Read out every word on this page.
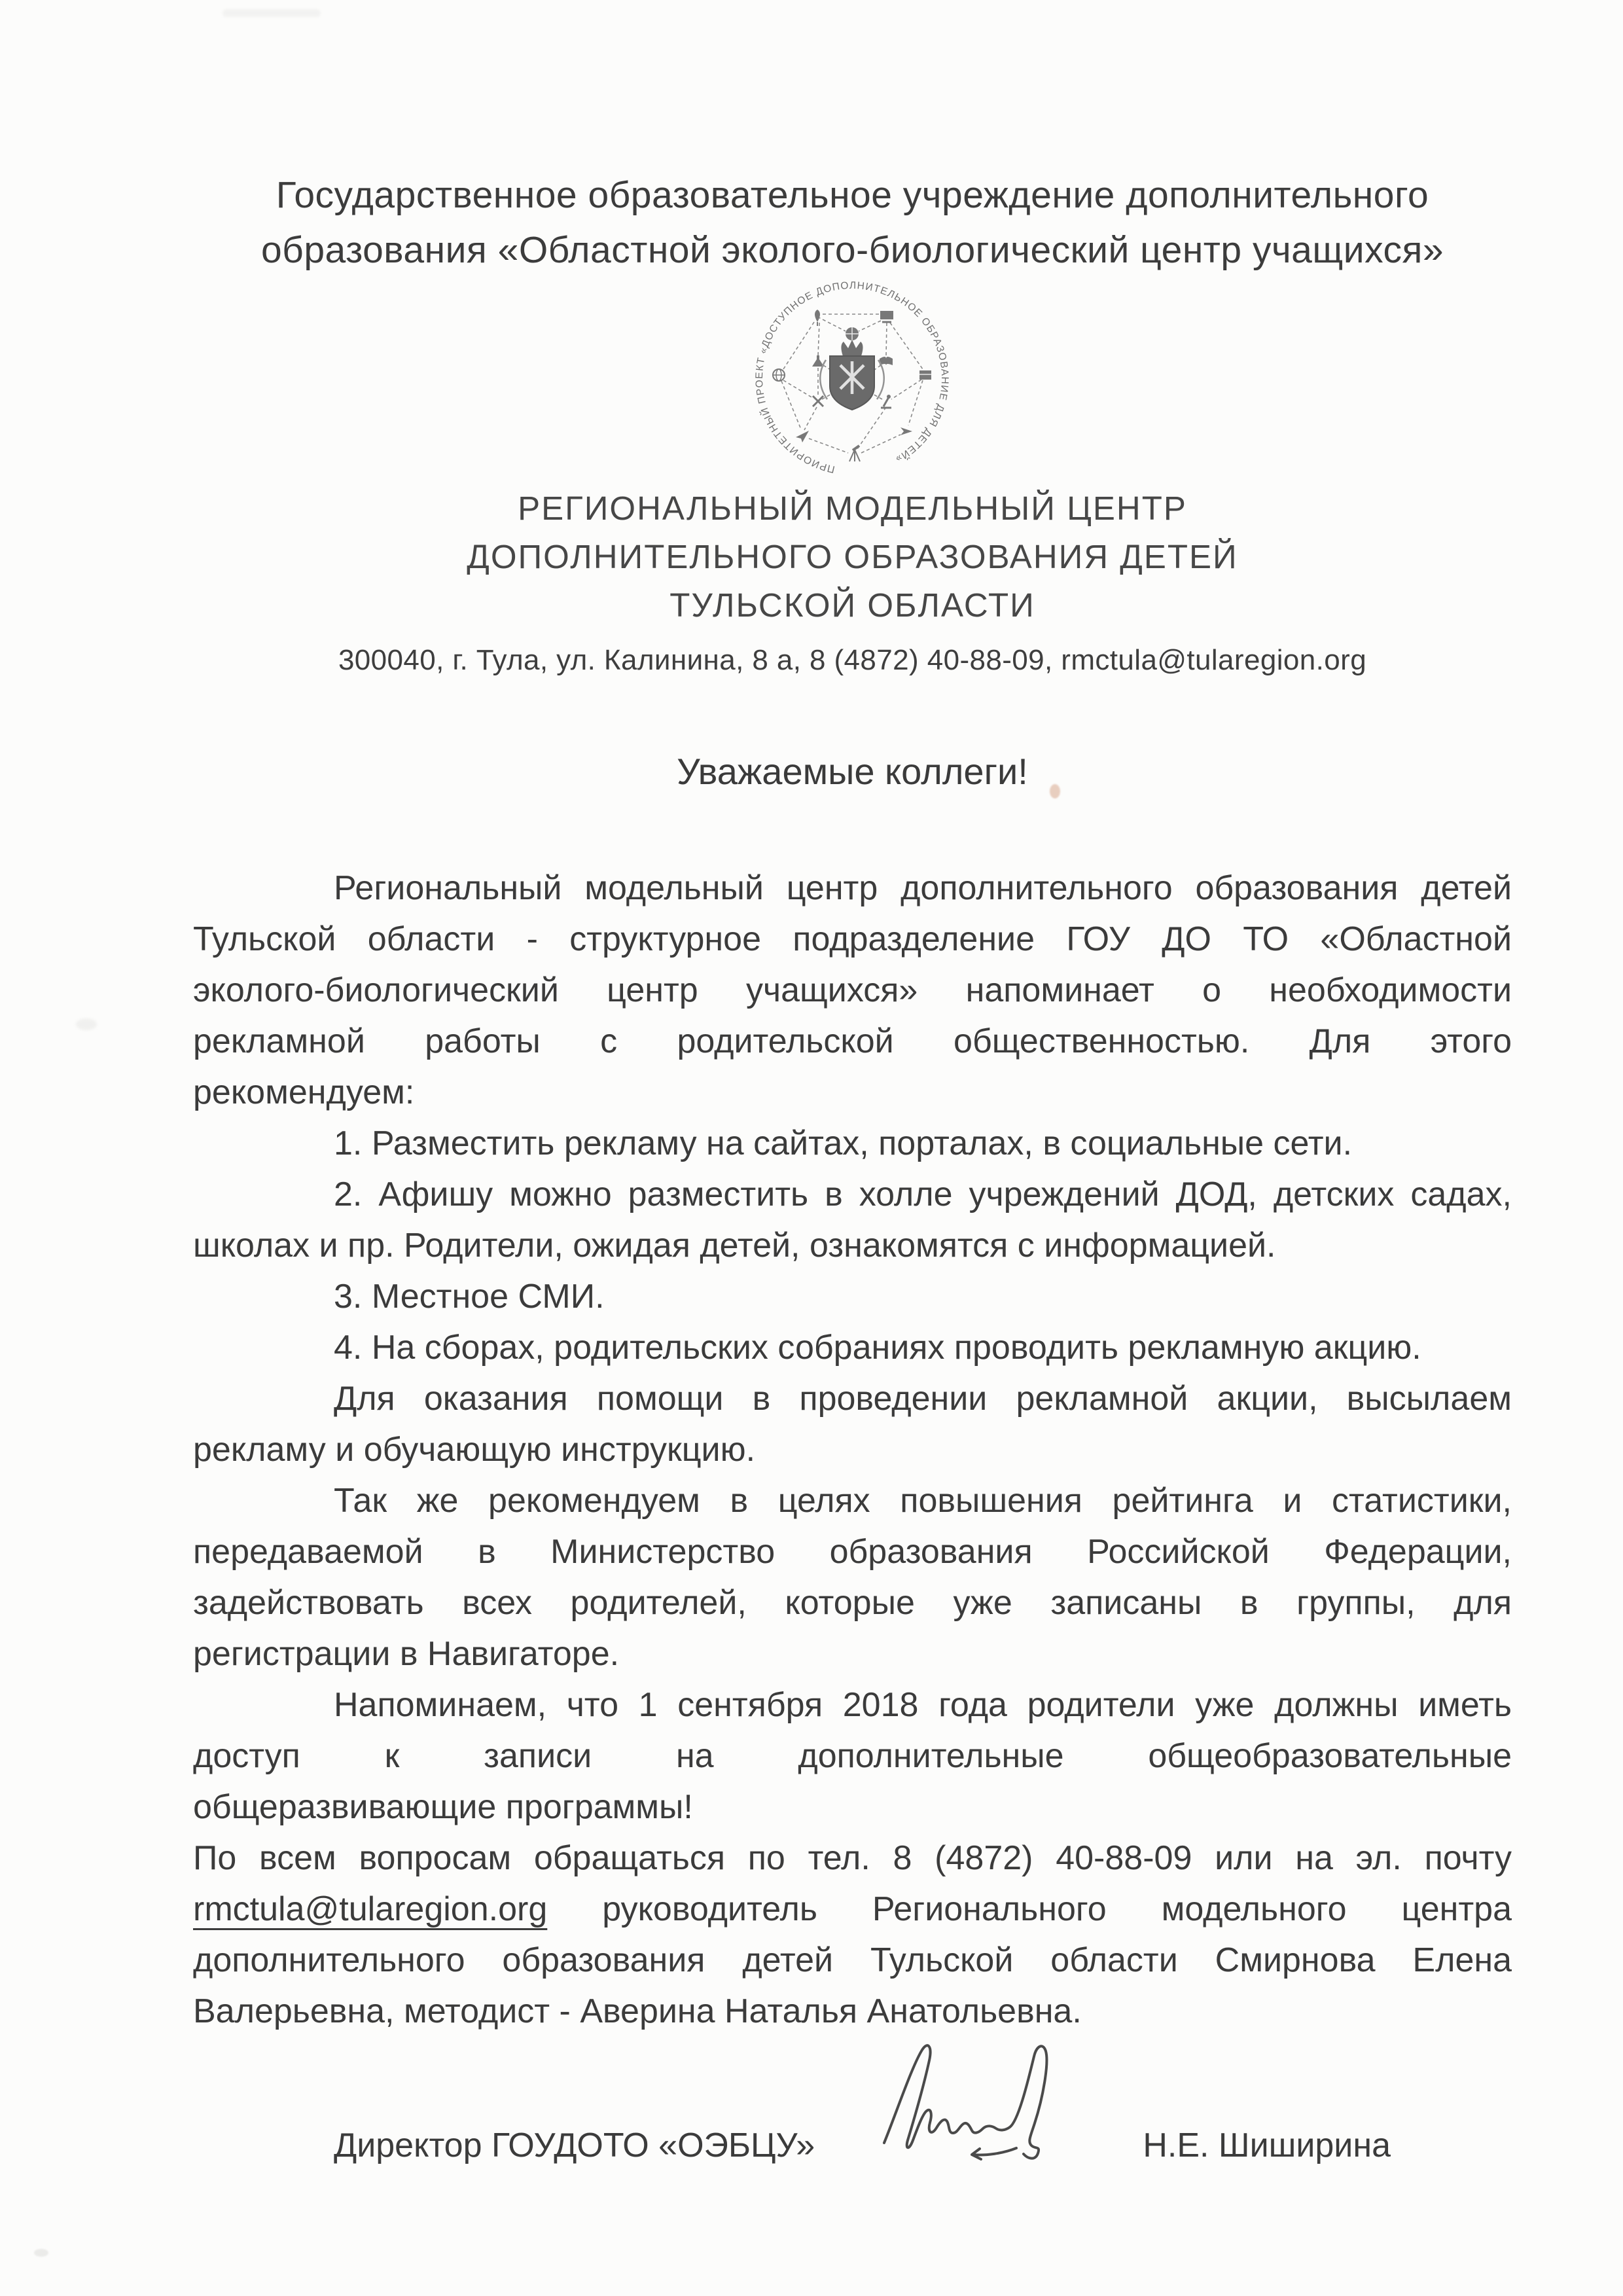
Государственное образовательное учреждение дополнительного
образования «Областной эколого-биологический центр учащихся»
ПРИОРИТЕТНЫЙ ПРОЕКТ «ДОСТУПНОЕ ДОПОЛНИТЕЛЬНОЕ ОБРАЗОВАНИЕ ДЛЯ ДЕТЕЙ»
РЕГИОНАЛЬНЫЙ МОДЕЛЬНЫЙ ЦЕНТР
ДОПОЛНИТЕЛЬНОГО ОБРАЗОВАНИЯ ДЕТЕЙ
ТУЛЬСКОЙ ОБЛАСТИ
300040, г. Тула, ул. Калинина, 8 а, 8 (4872) 40-88-09, rmctula@tularegion.org
Уважаемые коллеги!
Региональный модельный центр дополнительного образования детей
Тульской области - структурное подразделение ГОУ ДО ТО «Областной
эколого-биологический центр учащихся» напоминает о необходимости
рекламной работы с родительской общественностью. Для этого
рекомендуем:
1. Разместить рекламу на сайтах, порталах, в социальные сети.
2. Афишу можно разместить в холле учреждений ДОД, детских садах,
школах и пр. Родители, ожидая детей, ознакомятся с информацией.
3. Местное СМИ.
4. На сборах, родительских собраниях проводить рекламную акцию.
Для оказания помощи в проведении рекламной акции, высылаем
рекламу и обучающую инструкцию.
Так же рекомендуем в целях повышения рейтинга и статистики,
передаваемой в Министерство образования Российской Федерации,
задействовать всех родителей, которые уже записаны в группы, для
регистрации в Навигаторе.
Напоминаем, что 1 сентября 2018 года родители уже должны иметь
доступ к записи на дополнительные общеобразовательные
общеразвивающие программы!
По всем вопросам обращаться по тел. 8 (4872) 40-88-09 или на эл. почту
rmctula@tularegion.org руководитель Регионального модельного центра
дополнительного образования детей Тульской области Смирнова Елена
Валерьевна, методист - Аверина Наталья Анатольевна.
Директор ГОУДОТО «ОЭБЦУ»	Н.Е. Шиширина
